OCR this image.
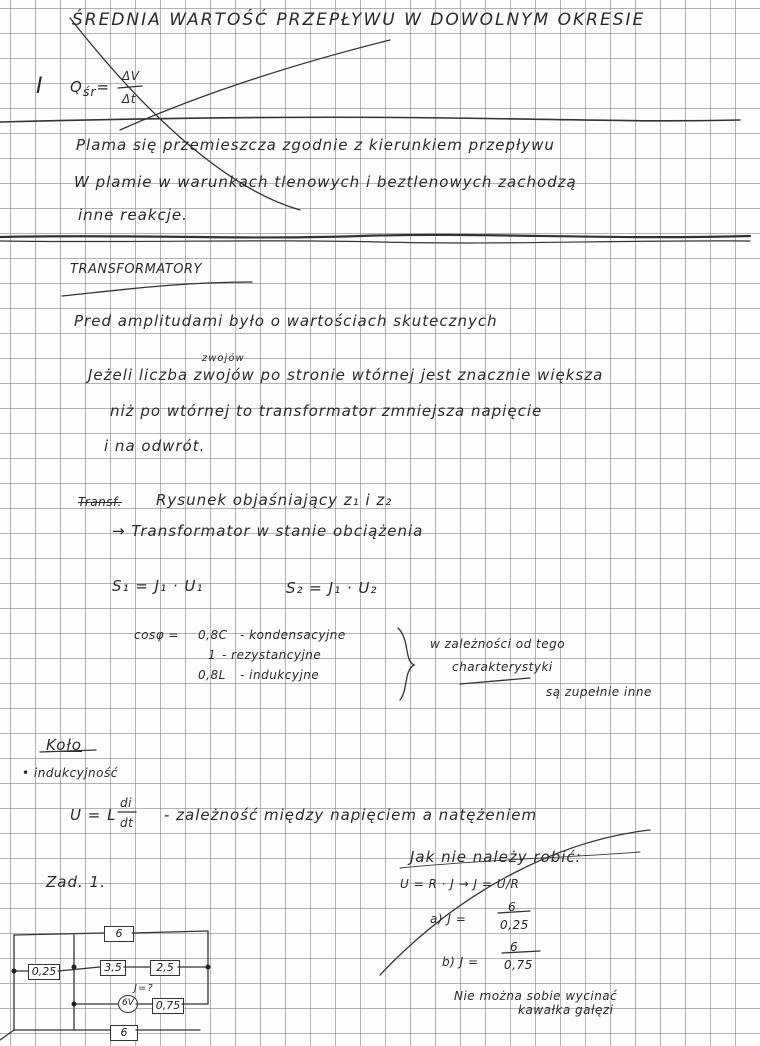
ŚREDNIA WARTOŚĆ PRZEPŁYWU W DOWOLNYM OKRESIE
I $Q_{śr}=$
ΔV
Δt
Plama się przemieszcza zgodnie z kierunkiem przepływu
W plamie w warunkach tlenowych i beztlenowych zachodzą
inne reakcje.
TRANSFORMATORY
Pred amplitudami było o wartościach skutecznych
zwojów
Jeżeli liczba zwojów po stronie wtórnej jest znacznie większa
niż po wtórnej to transformator zmniejsza napięcie
i na odwrót.
Transf. Rysunek objaśniający z₁ i z₂
→ Transformator w stanie obciążenia
S₁ = J₁ · U₁	S₂ = J₁ · U₂
cosφ = 0,8C - kondensacyjne
1 - rezystancyjne
0,8L - indukcyjne
w zależności od tego
charakterystyki
są zupełnie inne
Koło
• indukcyjność
U = L
di
dt - zależność między napięciem a natężeniem
Zad. 1.
Jak nie należy robić:
U = R · J → J = U/R
a) J =
6
0,25
b) J =
6
0,75
Nie można sobie wycinać
kawałka gałęzi
0,25
6
3,5	2,5
J=?
6V	0,75
6
